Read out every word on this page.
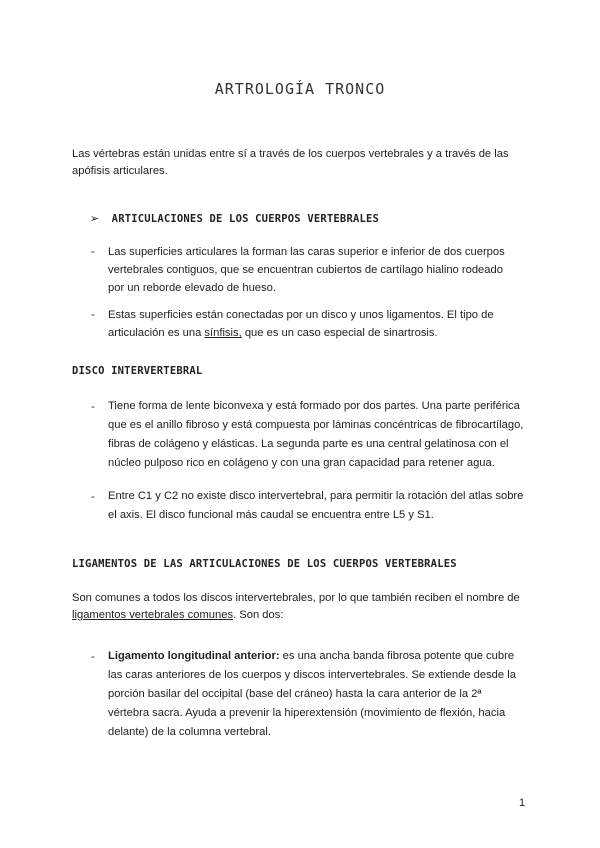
ARTROLOGÍA TRONCO
Las vértebras están unidas entre sí a través de los cuerpos vertebrales y a través de las apófisis articulares.
➢ ARTICULACIONES DE LOS CUERPOS VERTEBRALES
- Las superficies articulares la forman las caras superior e inferior de dos cuerpos vertebrales contiguos, que se encuentran cubiertos de cartílago hialino rodeado por un reborde elevado de hueso.
- Estas superficies están conectadas por un disco y unos ligamentos. El tipo de articulación es una sínfisis, que es un caso especial de sinartrosis.
DISCO INTERVERTEBRAL
- Tiene forma de lente biconvexa y está formado por dos partes. Una parte periférica que es el anillo fibroso y está compuesta por láminas concéntricas de fibrocartílago, fibras de colágeno y elásticas. La segunda parte es una central gelatinosa con el núcleo pulposo rico en colágeno y con una gran capacidad para retener agua.
- Entre C1 y C2 no existe disco intervertebral, para permitir la rotación del atlas sobre el axis. El disco funcional más caudal se encuentra entre L5 y S1.
LIGAMENTOS DE LAS ARTICULACIONES DE LOS CUERPOS VERTEBRALES
Son comunes a todos los discos intervertebrales, por lo que también reciben el nombre de ligamentos vertebrales comunes. Son dos:
- Ligamento longitudinal anterior: es una ancha banda fibrosa potente que cubre las caras anteriores de los cuerpos y discos intervertebrales. Se extiende desde la porción basilar del occipital (base del cráneo) hasta la cara anterior de la 2ª vértebra sacra. Ayuda a prevenir la hiperextensión (movimiento de flexión, hacia delante) de la columna vertebral.
1
